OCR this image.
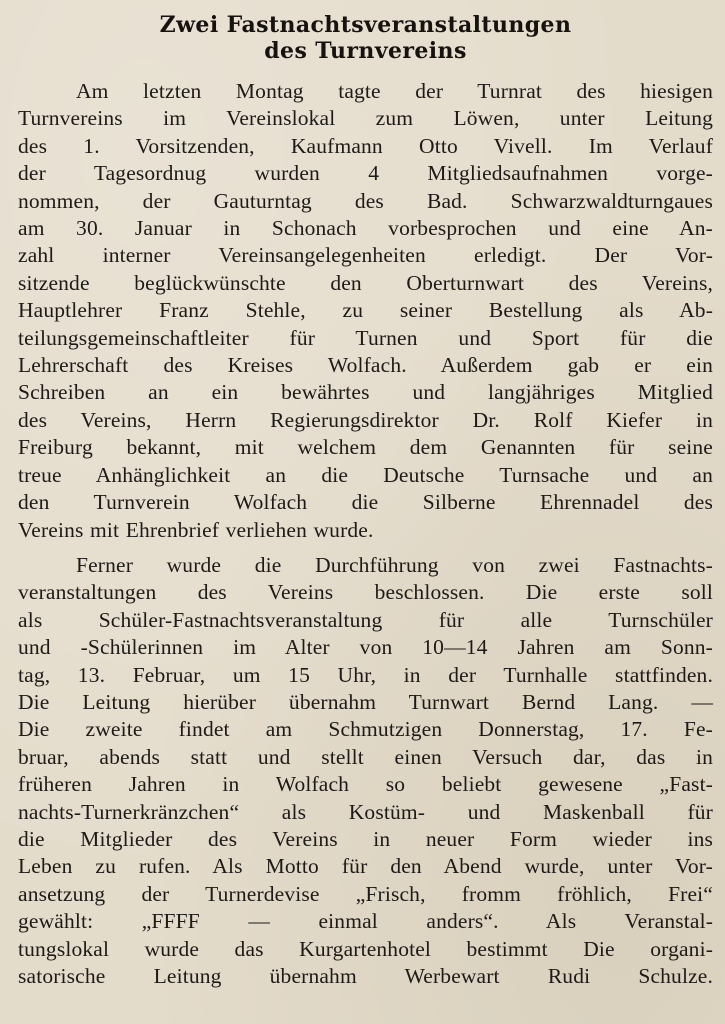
Zwei Fastnachtsveranstaltungen
des Turnvereins
Am letzten Montag tagte der Turnrat des hiesigen
Turnvereins im Vereinslokal zum Löwen, unter Leitung
des 1. Vorsitzenden, Kaufmann Otto Vivell. Im Verlauf
der Tagesordnug wurden 4 Mitgliedsaufnahmen vorge-
nommen, der Gauturntag des Bad. Schwarzwaldturngaues
am 30. Januar in Schonach vorbesprochen und eine An-
zahl interner Vereinsangelegenheiten erledigt. Der Vor-
sitzende beglückwünschte den Oberturnwart des Vereins,
Hauptlehrer Franz Stehle, zu seiner Bestellung als Ab-
teilungsgemeinschaftleiter für Turnen und Sport für die
Lehrerschaft des Kreises Wolfach. Außerdem gab er ein
Schreiben an ein bewährtes und langjähriges Mitglied
des Vereins, Herrn Regierungsdirektor Dr. Rolf Kiefer in
Freiburg bekannt, mit welchem dem Genannten für seine
treue Anhänglichkeit an die Deutsche Turnsache und an
den Turnverein Wolfach die Silberne Ehrennadel des
Vereins mit Ehrenbrief verliehen wurde.
Ferner wurde die Durchführung von zwei Fastnachts-
veranstaltungen des Vereins beschlossen. Die erste soll
als Schüler-Fastnachtsveranstaltung für alle Turnschüler
und -Schülerinnen im Alter von 10—14 Jahren am Sonn-
tag, 13. Februar, um 15 Uhr, in der Turnhalle stattfinden.
Die Leitung hierüber übernahm Turnwart Bernd Lang. —
Die zweite findet am Schmutzigen Donnerstag, 17. Fe-
bruar, abends statt und stellt einen Versuch dar, das in
früheren Jahren in Wolfach so beliebt gewesene „Fast-
nachts-Turnerkränzchen“ als Kostüm- und Maskenball für
die Mitglieder des Vereins in neuer Form wieder ins
Leben zu rufen. Als Motto für den Abend wurde, unter Vor-
ansetzung der Turnerdevise „Frisch, fromm fröhlich, Frei“
gewählt: „FFFF — einmal anders“. Als Veranstal-
tungslokal wurde das Kurgartenhotel bestimmt Die organi-
satorische Leitung übernahm Werbewart Rudi Schulze.
